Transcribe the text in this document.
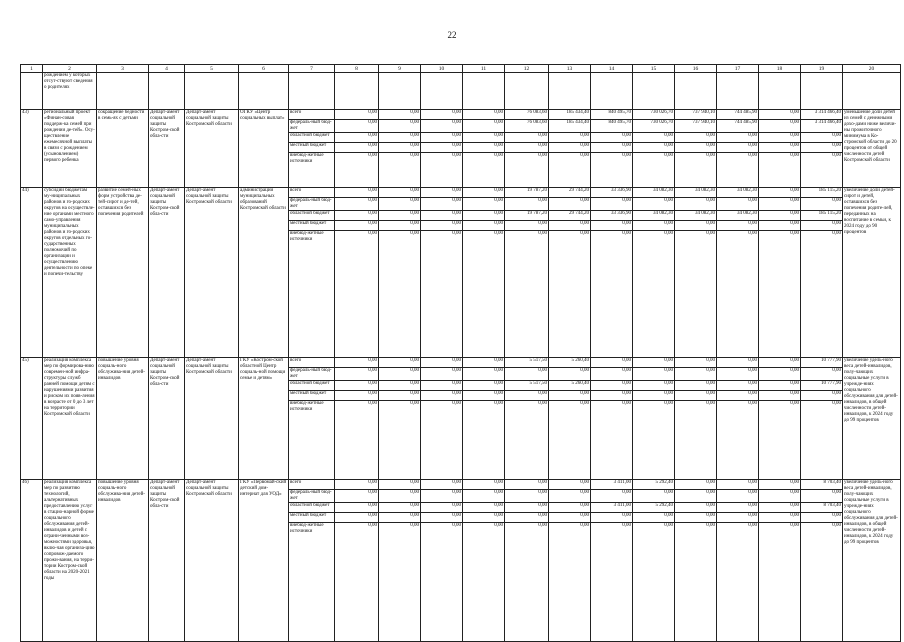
22
1	2	3	4	5	6	7	8	9	10	11	12	13	14	15	16	17	18	19	20
	рождением у которых отсут-ствуют сведения о родителях																		
43)	региональный проект «Финан-совая поддерж-ка семей при рождении де-тей». Осу-ществление ежемесячной выплаты в связи с рождением (усыновлением) первого ребенка	сокращение бедности в семь-ях с детьми	Департ-амент социальной защиты Костром-ской обла-сти	Департ-амент социальной защиты Костромской области	ОГКУ «Центр социальных выплат»	всего	0,00	0,00	0,00	0,00	76 083,60	185 434,40	840 495,70	730 026,70	737 940,10	744 485,90	0,00	3 314 466,40	уменьшение доли детей из семей с денежными дохо-дами ниже величи-ны прожиточного минимума в Ко-стромской области до 20 процентов от общей численности детей Костромской области
						федераль-ный бюд-жет	0,00	0,00	0,00	0,00	76 083,60	185 434,40	840 495,70	730 026,70	737 940,10	744 485,90	0,00	3 314 466,40	
						областной бюджет	0,00	0,00	0,00	0,00	0,00	0,00	0,00	0,00	0,00	0,00	0,00	0,00	
						местный бюджет	0,00	0,00	0,00	0,00	0,00	0,00	0,00	0,00	0,00	0,00	0,00	0,00	
						внебюд-жетные источники	0,00	0,00	0,00	0,00	0,00	0,00	0,00	0,00	0,00	0,00	0,00	0,00	
44)	субсидии бюджетам му-ниципальных районов и го-родских округов на осуществле-ние органами местного само-управления муниципальных районов и го-родских округов отдельных го-сударственных полномочий по организации и осуществлению деятельности по опеке и попечи-тельству	развитие семей-ных форм устройства де-тей-сирот и де-тей, оставшихся без попечения родителей	Департ-амент социальной защиты Костром-ской обла-сти	Департ-амент социальной защиты Костромской области	администрации муниципальных образований Костромской области	всего	0,00	0,00	0,00	0,00	19 787,20	29 744,20	33 336,90	34 082,30	34 082,30	34 082,30	0,00	185 115,20	увеличение доли детей-сирот и детей, оставшихся без попечения родите-лей, переданных на воспитание в семьи, к 2024 году до 90 процентов
						федераль-ный бюд-жет	0,00	0,00	0,00	0,00	0,00	0,00	0,00	0,00	0,00	0,00	0,00	0,00	
						областной бюджет	0,00	0,00	0,00	0,00	19 787,20	29 744,20	33 336,90	34 082,30	34 082,30	34 082,30	0,00	185 115,20	
						местный бюджет	0,00	0,00	0,00	0,00	0,00	0,00	0,00	0,00	0,00	0,00	0,00	0,00	
						внебюд-жетные источники	0,00	0,00	0,00	0,00	0,00	0,00	0,00	0,00	0,00	0,00	0,00	0,00	
45)	реализация комплекса мер по формирова-нию современ-ной инфра-структуры служб ранней помощи детям с нарушениями развития и риском их появ-ления в возрасте от 0 до 3 лет на территории Костромской области	повышение уровня социаль-ного обслужива-ния детей-инвалидов	Департ-амент социальной защиты Костром-ской обла-сти	Департ-амент социальной защиты Костромской области	ГКУ «Костром-ской областной Центр социаль-ной помощи семье и детям»	всего	0,00	0,00	0,00	0,00	5 517,50	5 260,40	0,00	0,00	0,00	0,00	0,00	10 777,90	увеличение удель-ного веса детей-инвалидов, полу-чающих социальные услуги в учрежде-ниях социального обслуживания для детей-инвалидов, в общей численности детей-инвалидов, к 2024 году до 99 процентов
						федераль-ный бюд-жет	0,00	0,00	0,00	0,00	0,00	0,00	0,00	0,00	0,00	0,00	0,00	0,00	
						областной бюджет	0,00	0,00	0,00	0,00	5 517,50	5 260,40	0,00	0,00	0,00	0,00	0,00	10 777,90	
						местный бюджет	0,00	0,00	0,00	0,00	0,00	0,00	0,00	0,00	0,00	0,00	0,00	0,00	
						внебюд-жетные источники	0,00	0,00	0,00	0,00	0,00	0,00	0,00	0,00	0,00	0,00	0,00	0,00	
46)	реализация комплекса мер по развитию технологий, альтернативных предоставлению услуг в стацио-нарной форме социального обслуживания детей-инвалидов и детей с ограни-ченными воз-можностями здоровья, вклю-чая организа-цию сопровож-даемого прожи-вания, на терри-тории Костром-ской области на 2020-2021 годы	повышение уровня социаль-ного обслужива-ния детей-инвалидов	Департ-амент социальной защиты Костром-ской обла-сти	Департ-амент социальной защиты Костромской области	ГКУ «Первомай-ский детский дом-интернат для УОД»	всего	0,00	0,00	0,00	0,00	0,00	0,00	3 411,00	5 292,40	0,00	0,00	0,00	8 703,40	увеличение удель-ного веса детей-инвалидов, полу-чающих социальные услуги в учрежде-ниях социального обслуживания для детей-инвалидов, в общей численности детей-инвалидов, к 2024 году до 99 процентов
						федераль-ный бюд-жет	0,00	0,00	0,00	0,00	0,00	0,00	0,00	0,00	0,00	0,00	0,00	0,00	
						областной бюджет	0,00	0,00	0,00	0,00	0,00	0,00	3 411,00	5 292,40	0,00	0,00	0,00	8 703,40	
						местный бюджет	0,00	0,00	0,00	0,00	0,00	0,00	0,00	0,00	0,00	0,00	0,00	0,00	
						внебюд-жетные источники	0,00	0,00	0,00	0,00	0,00	0,00	0,00	0,00	0,00	0,00	0,00	0,00	
